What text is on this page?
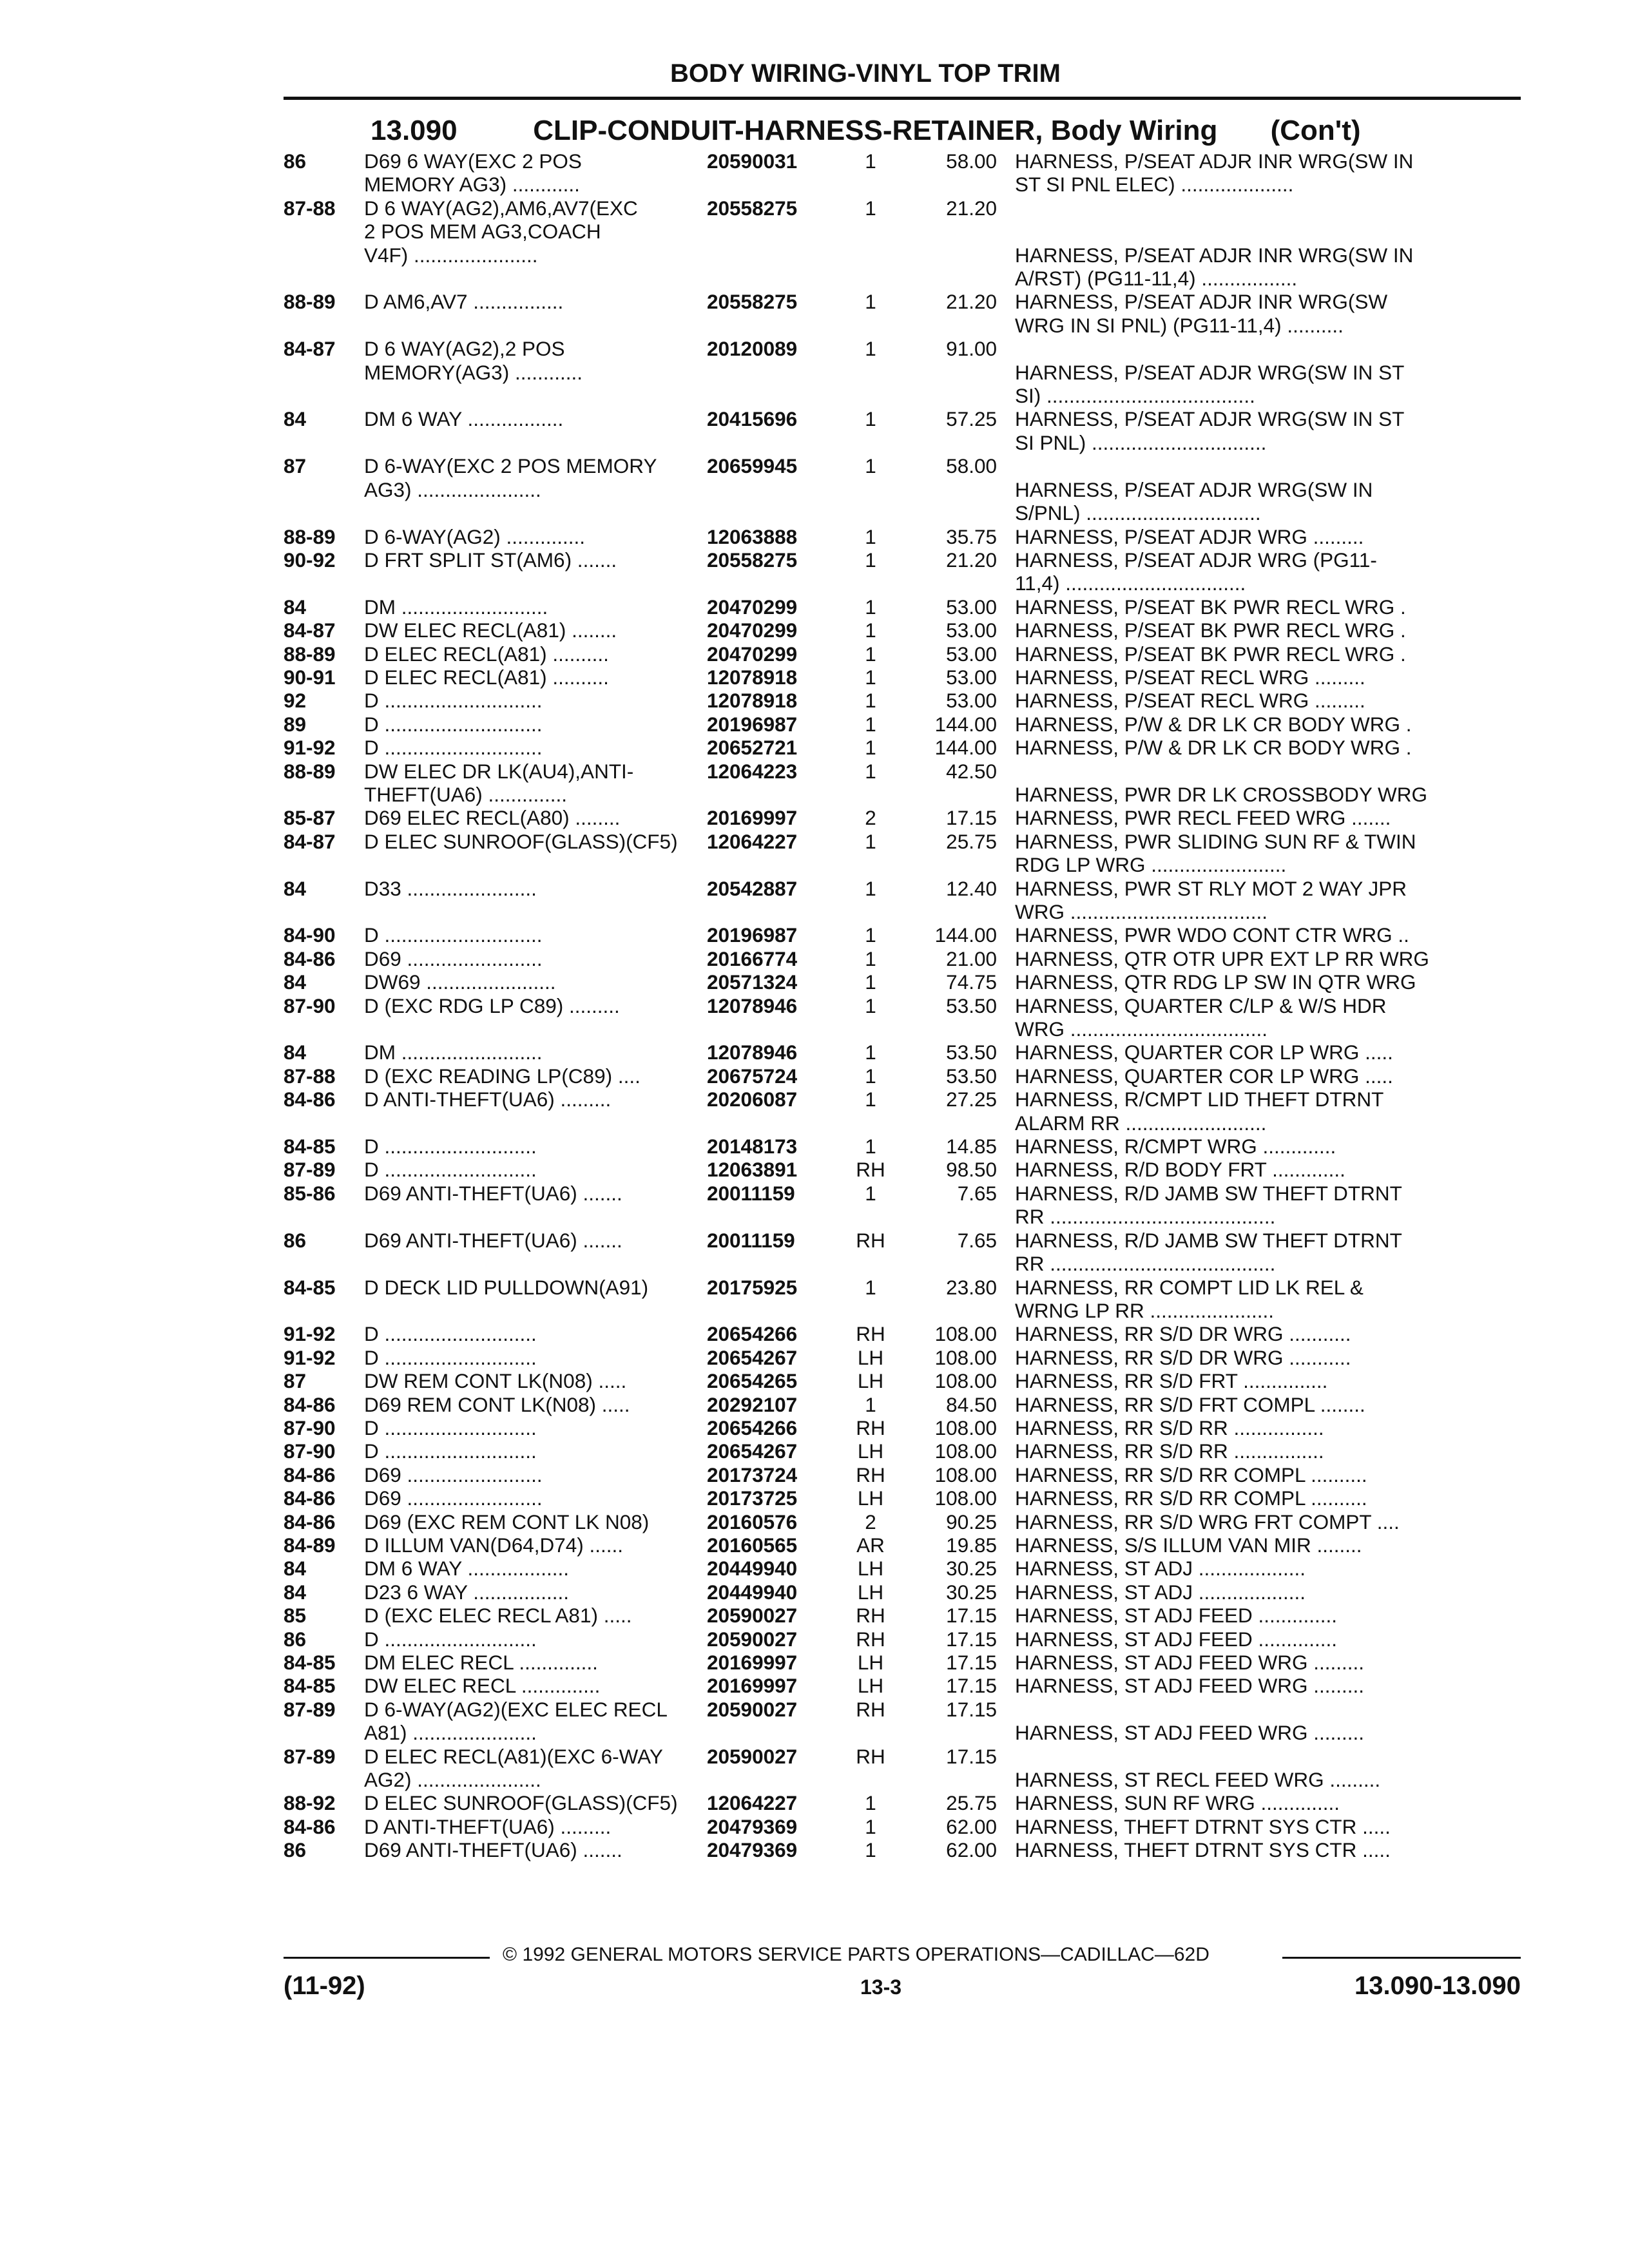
BODY WIRING-VINYL TOP TRIM
13.090	CLIP-CONDUIT-HARNESS-RETAINER, Body Wiring (Con't)
86	D69 6 WAY(EXC 2 POS
MEMORY AG3) ............
20590031	1	58.00 HARNESS, P/SEAT ADJR INR WRG(SW IN
ST SI PNL ELEC) ....................
87-88	D 6 WAY(AG2),AM6,AV7(EXC
2 POS MEM AG3,COACH
V4F) ......................
20558275	1	21.20

HARNESS, P/SEAT ADJR INR WRG(SW IN
A/RST) (PG11-11,4) .................
88-89	D AM6,AV7 ................	20558275	1	21.20 HARNESS, P/SEAT ADJR INR WRG(SW
WRG IN SI PNL) (PG11-11,4) ..........
84-87	D 6 WAY(AG2),2 POS
MEMORY(AG3) ............
20120089	1	91.00

HARNESS, P/SEAT ADJR WRG(SW IN ST
SI) .....................................
84	DM 6 WAY .................	20415696	1	57.25 HARNESS, P/SEAT ADJR WRG(SW IN ST
SI PNL) ...............................
87	D 6-WAY(EXC 2 POS MEMORY
AG3) ......................
20659945	1	58.00

HARNESS, P/SEAT ADJR WRG(SW IN
S/PNL) ...............................
88-89	D 6-WAY(AG2) ..............	12063888	1	35.75 HARNESS, P/SEAT ADJR WRG .........
90-92	D FRT SPLIT ST(AM6) .......	20558275	1	21.20 HARNESS, P/SEAT ADJR WRG (PG11-
11,4) ................................
84	DM ..........................	20470299	1	53.00 HARNESS, P/SEAT BK PWR RECL WRG .
84-87	DW ELEC RECL(A81) ........	20470299	1	53.00 HARNESS, P/SEAT BK PWR RECL WRG .
88-89	D ELEC RECL(A81) ..........	20470299	1	53.00 HARNESS, P/SEAT BK PWR RECL WRG .
90-91	D ELEC RECL(A81) ..........	12078918	1	53.00 HARNESS, P/SEAT RECL WRG .........
92	D ............................	12078918	1	53.00 HARNESS, P/SEAT RECL WRG .........
89	D ............................	20196987	1	144.00 HARNESS, P/W & DR LK CR BODY WRG .
91-92	D ............................	20652721	1	144.00 HARNESS, P/W & DR LK CR BODY WRG .
88-89	DW ELEC DR LK(AU4),ANTI-
THEFT(UA6) ..............
12064223	1	42.50

HARNESS, PWR DR LK CROSSBODY WRG
85-87	D69 ELEC RECL(A80) ........	20169997	2	17.15 HARNESS, PWR RECL FEED WRG .......
84-87	D ELEC SUNROOF(GLASS)(CF5)	12064227	1	25.75 HARNESS, PWR SLIDING SUN RF & TWIN
RDG LP WRG ........................
84	D33 .......................	20542887	1	12.40 HARNESS, PWR ST RLY MOT 2 WAY JPR
WRG ...................................
84-90	D ............................	20196987	1	144.00 HARNESS, PWR WDO CONT CTR WRG ..
84-86	D69 ........................	20166774	1	21.00 HARNESS, QTR OTR UPR EXT LP RR WRG
84	DW69 .......................	20571324	1	74.75 HARNESS, QTR RDG LP SW IN QTR WRG
87-90	D (EXC RDG LP C89) .........	12078946	1	53.50 HARNESS, QUARTER C/LP & W/S HDR
WRG ...................................
84	DM .........................	12078946	1	53.50 HARNESS, QUARTER COR LP WRG .....
87-88	D (EXC READING LP(C89) ....	20675724	1	53.50 HARNESS, QUARTER COR LP WRG .....
84-86	D ANTI-THEFT(UA6) .........	20206087	1	27.25 HARNESS, R/CMPT LID THEFT DTRNT
ALARM RR .........................
84-85	D ...........................	20148173	1	14.85 HARNESS, R/CMPT WRG .............
87-89	D ...........................	12063891	RH	98.50 HARNESS, R/D BODY FRT .............
85-86	D69 ANTI-THEFT(UA6) .......	20011159	1	7.65 HARNESS, R/D JAMB SW THEFT DTRNT
RR ........................................
86	D69 ANTI-THEFT(UA6) .......	20011159	RH	7.65 HARNESS, R/D JAMB SW THEFT DTRNT
RR ........................................
84-85	D DECK LID PULLDOWN(A91)	20175925	1	23.80 HARNESS, RR COMPT LID LK REL &
WRNG LP RR ......................
91-92	D ...........................	20654266	RH	108.00 HARNESS, RR S/D DR WRG ...........
91-92	D ...........................	20654267	LH	108.00 HARNESS, RR S/D DR WRG ...........
87	DW REM CONT LK(N08) .....	20654265	LH	108.00 HARNESS, RR S/D FRT ...............
84-86	D69 REM CONT LK(N08) .....	20292107	1	84.50 HARNESS, RR S/D FRT COMPL ........
87-90	D ...........................	20654266	RH	108.00 HARNESS, RR S/D RR ................
87-90	D ...........................	20654267	LH	108.00 HARNESS, RR S/D RR ................
84-86	D69 ........................	20173724	RH	108.00 HARNESS, RR S/D RR COMPL ..........
84-86	D69 ........................	20173725	LH	108.00 HARNESS, RR S/D RR COMPL ..........
84-86	D69 (EXC REM CONT LK N08)	20160576	2	90.25 HARNESS, RR S/D WRG FRT COMPT ....
84-89	D ILLUM VAN(D64,D74) ......	20160565	AR	19.85 HARNESS, S/S ILLUM VAN MIR ........
84	DM 6 WAY ..................	20449940	LH	30.25 HARNESS, ST ADJ ...................
84	D23 6 WAY .................	20449940	LH	30.25 HARNESS, ST ADJ ...................
85	D (EXC ELEC RECL A81) .....	20590027	RH	17.15 HARNESS, ST ADJ FEED ..............
86	D ...........................	20590027	RH	17.15 HARNESS, ST ADJ FEED ..............
84-85	DM ELEC RECL ..............	20169997	LH	17.15 HARNESS, ST ADJ FEED WRG .........
84-85	DW ELEC RECL ..............	20169997	LH	17.15 HARNESS, ST ADJ FEED WRG .........
87-89	D 6-WAY(AG2)(EXC ELEC RECL
A81) ......................
20590027	RH	17.15

HARNESS, ST ADJ FEED WRG .........
87-89	D ELEC RECL(A81)(EXC 6-WAY
AG2) ......................
20590027	RH	17.15

HARNESS, ST RECL FEED WRG .........
88-92	D ELEC SUNROOF(GLASS)(CF5)	12064227	1	25.75 HARNESS, SUN RF WRG ..............
84-86	D ANTI-THEFT(UA6) .........	20479369	1	62.00 HARNESS, THEFT DTRNT SYS CTR .....
86	D69 ANTI-THEFT(UA6) .......	20479369	1	62.00 HARNESS, THEFT DTRNT SYS CTR .....
© 1992 GENERAL MOTORS SERVICE PARTS OPERATIONS—CADILLAC—62D
(11-92)	13-3	13.090-13.090
